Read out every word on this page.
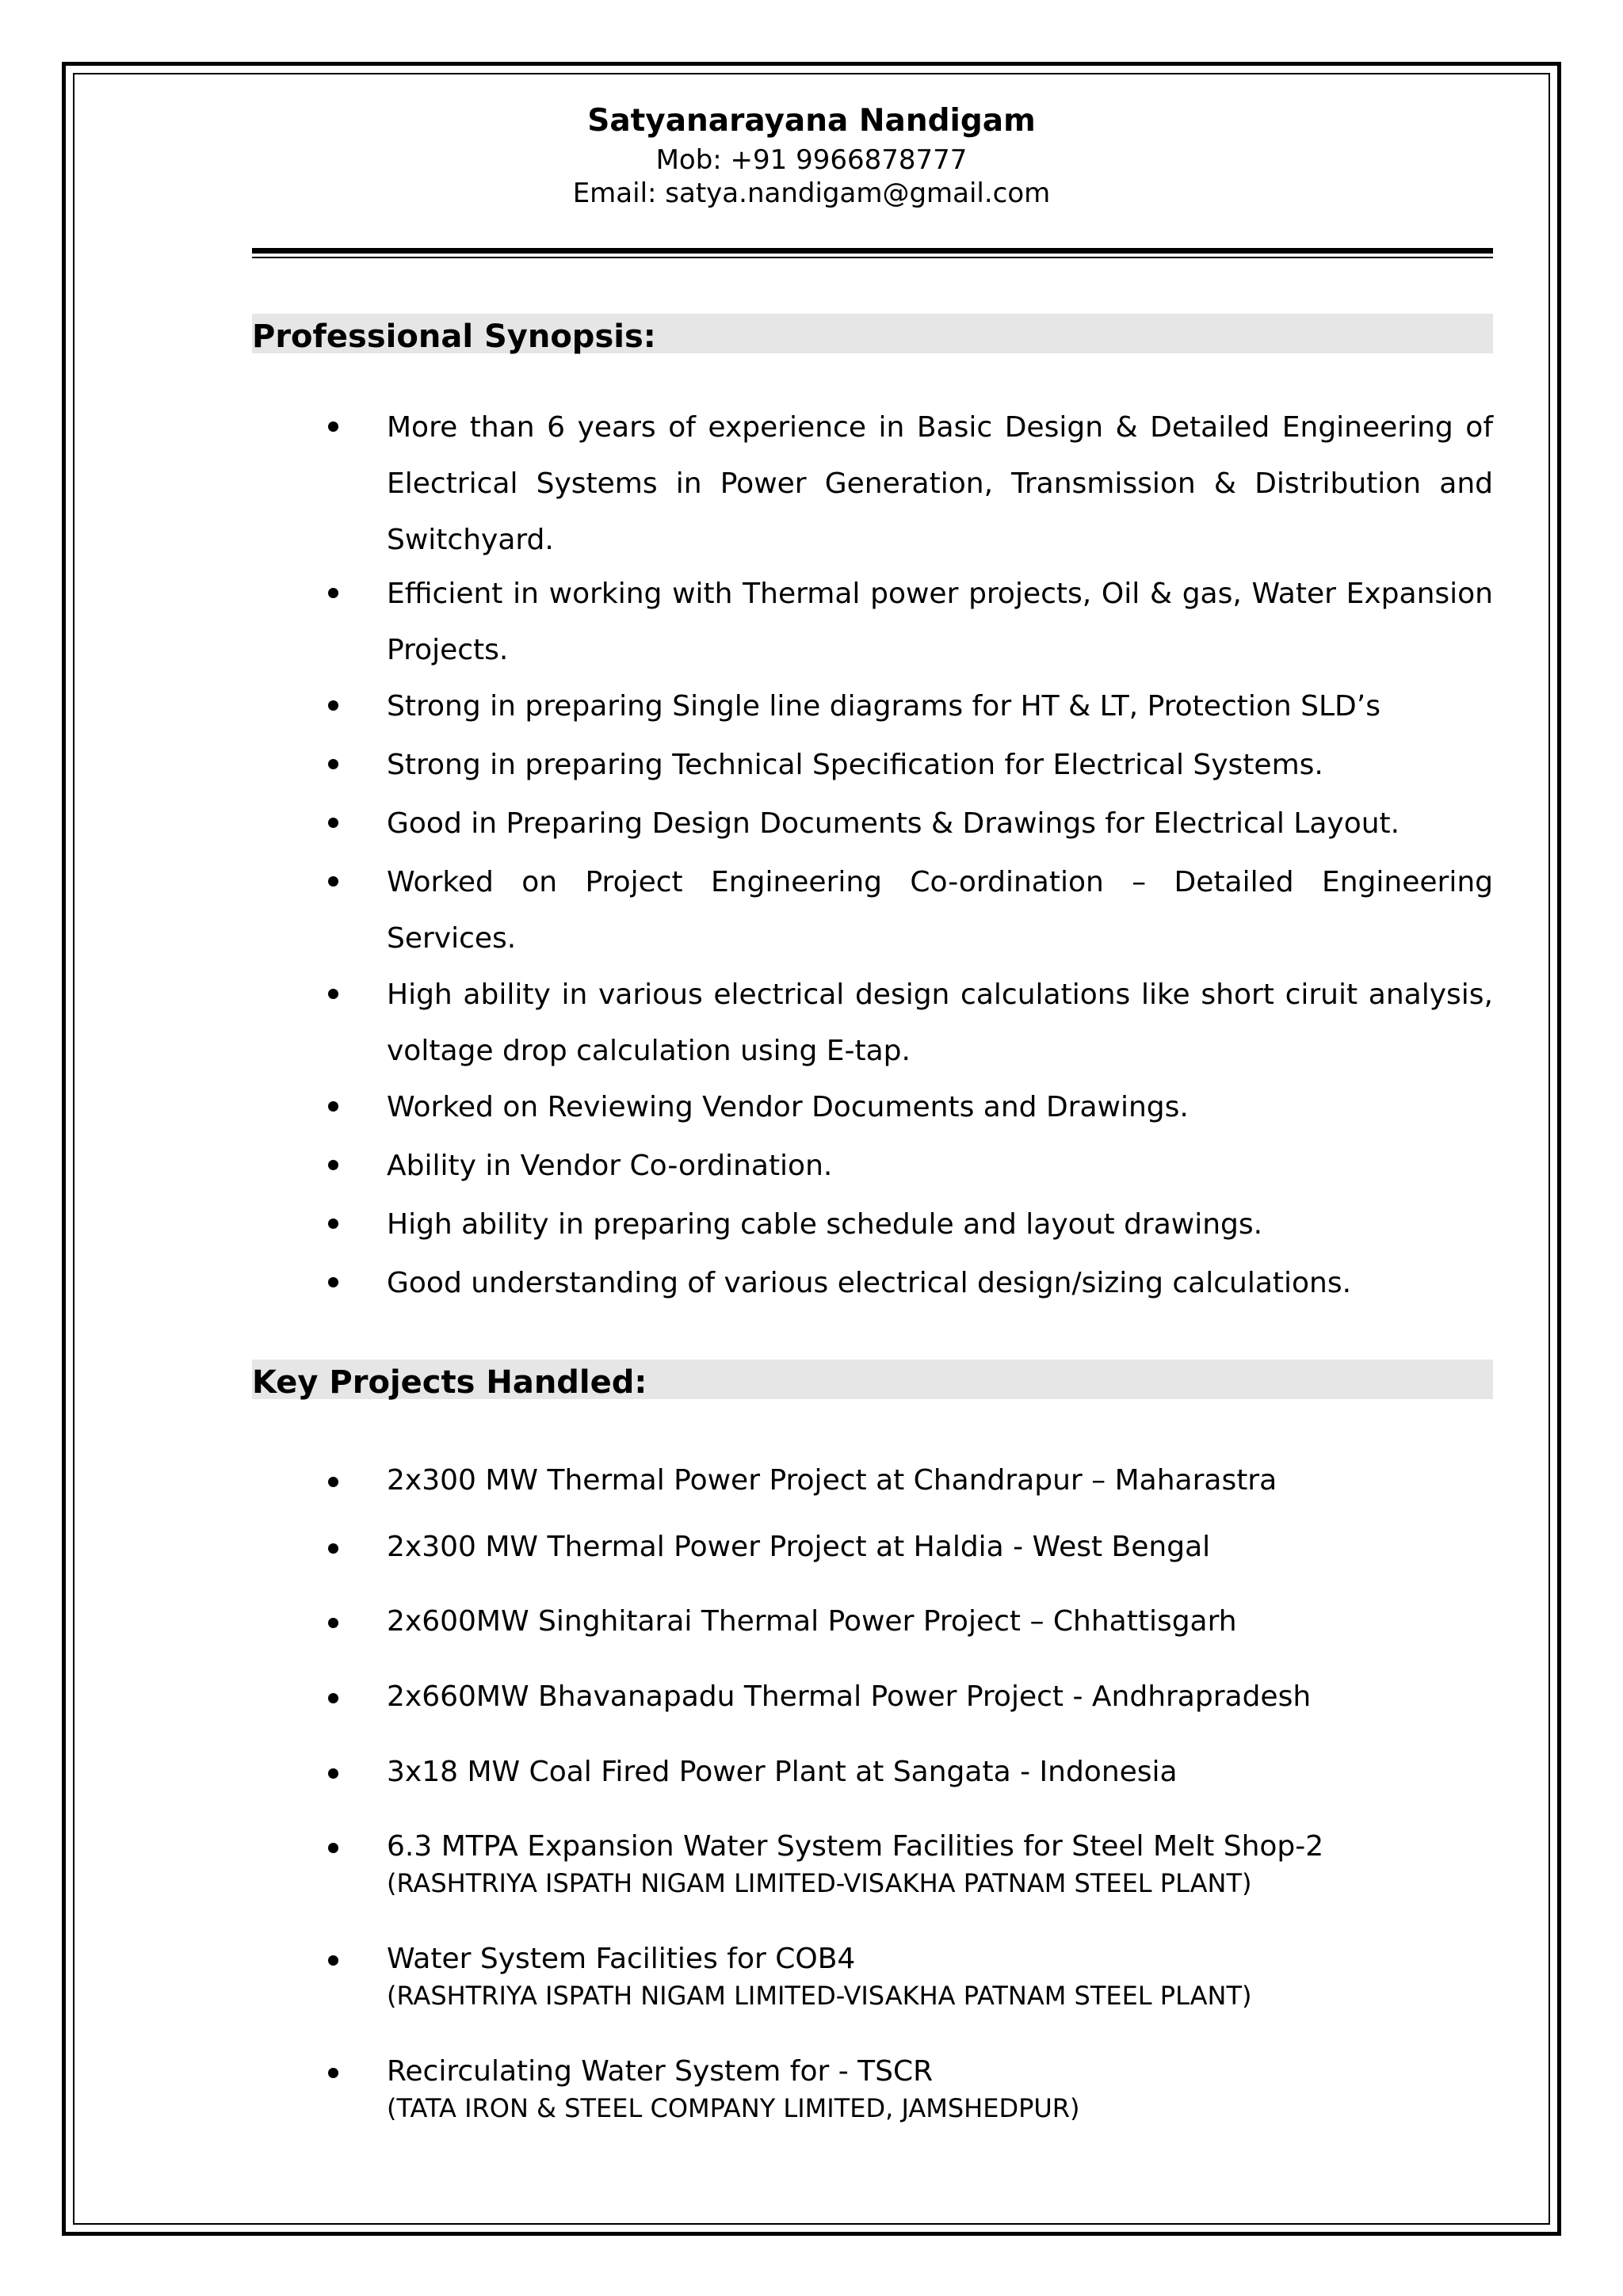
Satyanarayana Nandigam
Mob: +91 9966878777
Email: satya.nandigam@gmail.com
Professional Synopsis:
More than 6 years of experience in Basic Design & Detailed Engineering of Electrical Systems in Power Generation, Transmission & Distribution and Switchyard.
Efficient in working with Thermal power projects, Oil & gas, Water Expansion Projects.
Strong in preparing Single line diagrams for HT & LT, Protection SLD’s
Strong in preparing Technical Specification for Electrical Systems.
Good in Preparing Design Documents & Drawings for Electrical Layout.
Worked on Project Engineering Co-ordination – Detailed Engineering Services.
High ability in various electrical design calculations like short ciruit analysis, voltage drop calculation using E-tap.
Worked on Reviewing Vendor Documents and Drawings.
Ability in Vendor Co-ordination.
High ability in preparing cable schedule and layout drawings.
Good understanding of various electrical design/sizing calculations.
Key Projects Handled:
2x300 MW Thermal Power Project at Chandrapur – Maharastra
2x300 MW Thermal Power Project at Haldia - West Bengal
2x600MW Singhitarai Thermal Power Project – Chhattisgarh
2x660MW Bhavanapadu Thermal Power Project - Andhrapradesh
3x18 MW Coal Fired Power Plant at Sangata - Indonesia
6.3 MTPA Expansion Water System Facilities for Steel Melt Shop-2
(RASHTRIYA ISPATH NIGAM LIMITED-VISAKHA PATNAM STEEL PLANT)
Water System Facilities for COB4
(RASHTRIYA ISPATH NIGAM LIMITED-VISAKHA PATNAM STEEL PLANT)
Recirculating Water System for - TSCR
(TATA IRON & STEEL COMPANY LIMITED, JAMSHEDPUR)
